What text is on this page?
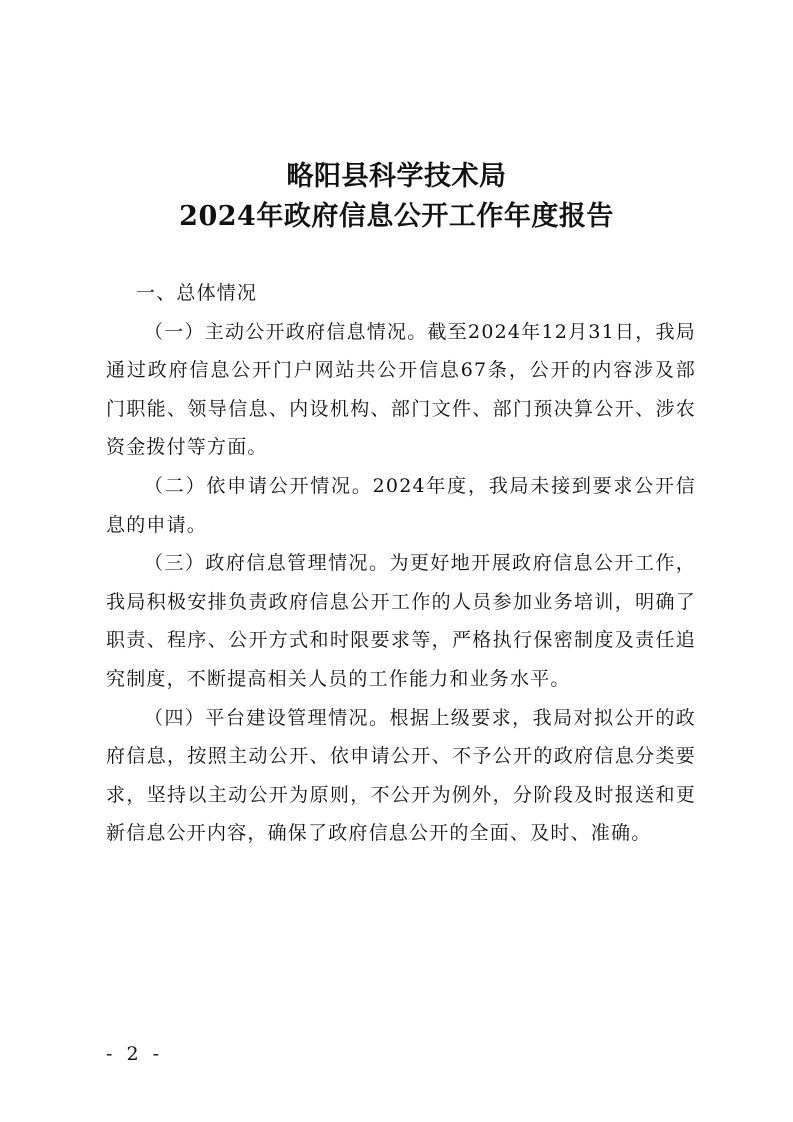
略阳县科学技术局
2024年政府信息公开工作年度报告

一、总体情况

（一）主动公开政府信息情况。截至2024年12月31日，我局通过政府信息公开门户网站共公开信息67条，公开的内容涉及部门职能、领导信息、内设机构、部门文件、部门预决算公开、涉农资金拨付等方面。

（二）依申请公开情况。2024年度，我局未接到要求公开信息的申请。

（三）政府信息管理情况。为更好地开展政府信息公开工作，我局积极安排负责政府信息公开工作的人员参加业务培训，明确了职责、程序、公开方式和时限要求等，严格执行保密制度及责任追究制度，不断提高相关人员的工作能力和业务水平。

（四）平台建设管理情况。根据上级要求，我局对拟公开的政府信息，按照主动公开、依申请公开、不予公开的政府信息分类要求，坚持以主动公开为原则，不公开为例外，分阶段及时报送和更新信息公开内容，确保了政府信息公开的全面、及时、准确。

- 2 -
